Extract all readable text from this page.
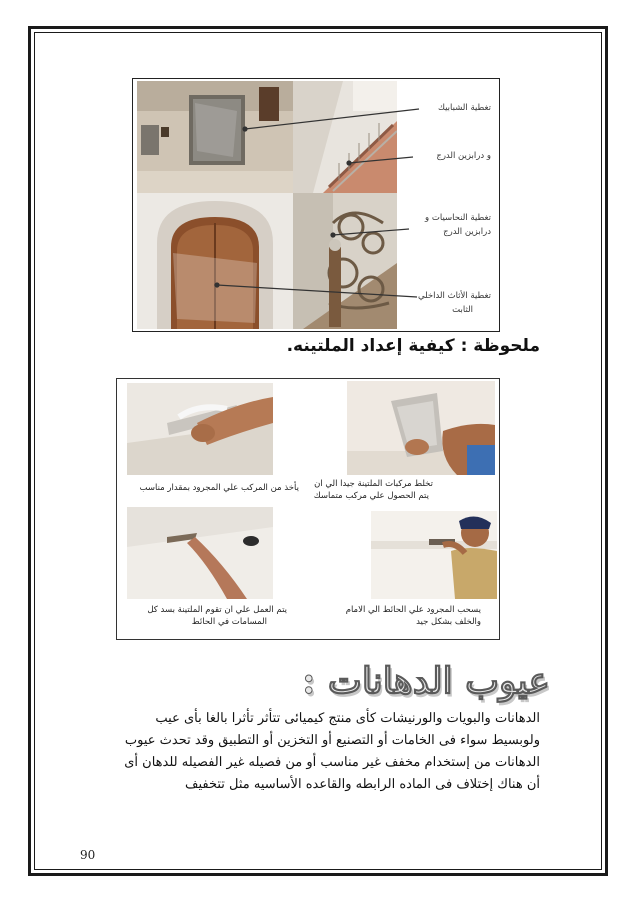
تغطية الشبابيك
و درابزين الدرج
تغطية النحاسيات و
درابزين الدرج
تغطية الأثاث الداخلي
الثابت
ملحوظة : كيفية إعداد الملتينه.
يأخذ من المركب علي المجرود بمقدار مناسب تخلط مركبات الملتينة جيدا الي ان
يتم الحصول علي مركب متماسك
يتم العمل علي ان تقوم الملتينة بسد كل
المسامات في الحائط
يسحب المجرود علي الحائط الي الامام
والخلف بشكل جيد
عيوب الدهانات :
الدهانات والبويات والورنيشات كأى منتج كيميائى تتأثر تأثرا بالغا بأى عيب
ولوبسيط سواء فى الخامات أو التصنيع أو التخزين أو التطبيق وقد تحدث عيوب
الدهانات من إستخدام مخفف غير مناسب أو من فصيله غير الفصيله للدهان أى
أن هناك إختلاف فى الماده الرابطه والقاعده الأساسيه مثل تتخفيف
90
